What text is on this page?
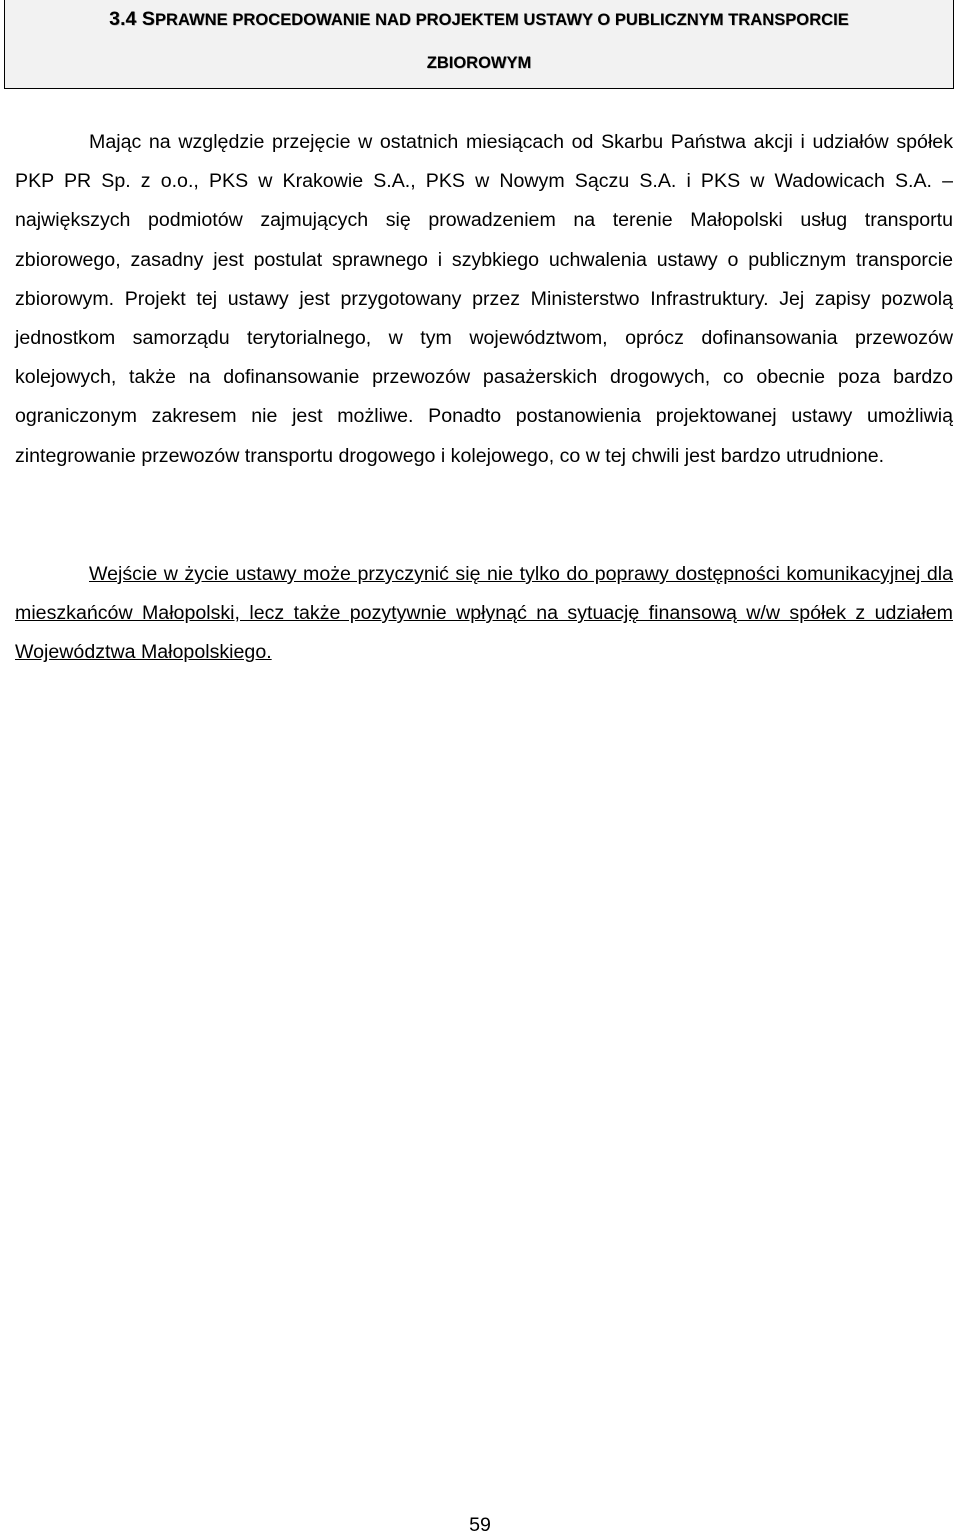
3.4 SPRAWNE PROCEDOWANIE NAD PROJEKTEM USTAWY O PUBLICZNYM TRANSPORCIE
ZBIOROWYM

Mając na względzie przejęcie w ostatnich miesiącach od Skarbu Państwa akcji i udziałów spółek PKP PR Sp. z o.o., PKS w Krakowie S.A., PKS w Nowym Sączu S.A. i PKS w Wadowicach S.A. – największych podmiotów zajmujących się prowadzeniem na terenie Małopolski usług transportu zbiorowego, zasadny jest postulat sprawnego i szybkiego uchwalenia ustawy o publicznym transporcie zbiorowym. Projekt tej ustawy jest przygotowany przez Ministerstwo Infrastruktury. Jej zapisy pozwolą jednostkom samorządu terytorialnego, w tym województwom, oprócz dofinansowania przewozów kolejowych, także na dofinansowanie przewozów pasażerskich drogowych, co obecnie poza bardzo ograniczonym zakresem nie jest możliwe. Ponadto postanowienia projektowanej ustawy umożliwią zintegrowanie przewozów transportu drogowego i kolejowego, co w tej chwili jest bardzo utrudnione.

Wejście w życie ustawy może przyczynić się nie tylko do poprawy dostępności komunikacyjnej dla mieszkańców Małopolski, lecz także pozytywnie wpłynąć na sytuację finansową w/w spółek z udziałem Województwa Małopolskiego.

59
